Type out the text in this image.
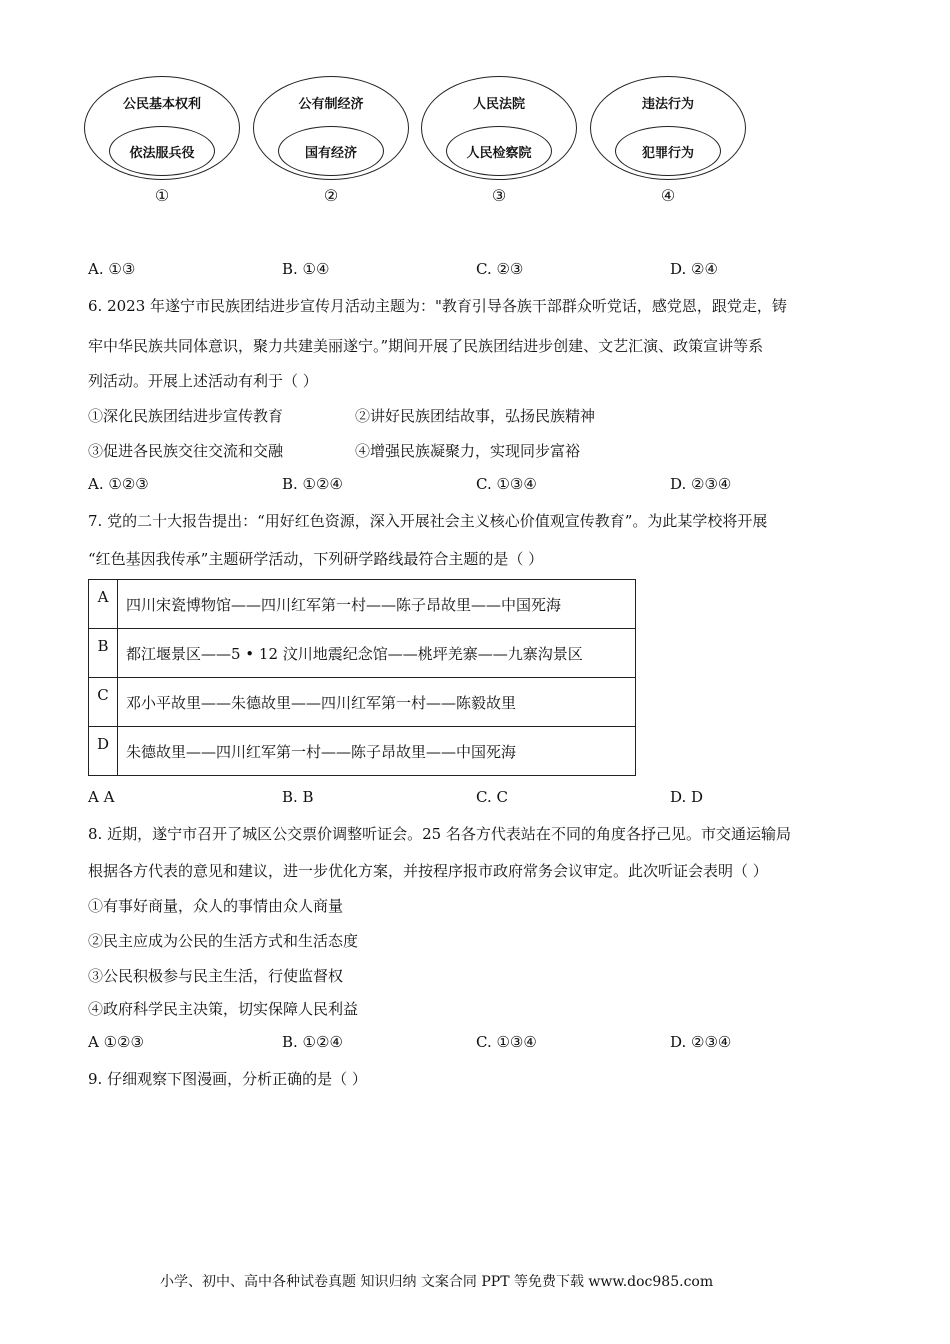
公民基本权利
依法服兵役
①
公有制经济
国有经济
②
人民法院
人民检察院
③
违法行为
犯罪行为
④
A. ①③	B. ①④	C. ②③	D. ②④
6. 2023 年遂宁市民族团结进步宣传月活动主题为："教育引导各族干部群众听党话，感党恩，跟党走，铸
牢中华民族共同体意识，聚力共建美丽遂宁。”期间开展了民族团结进步创建、文艺汇演、政策宣讲等系
列活动。开展上述活动有利于（ ）
①深化民族团结进步宣传教育	②讲好民族团结故事，弘扬民族精神
③促进各民族交往交流和交融	④增强民族凝聚力，实现同步富裕
A. ①②③	B. ①②④	C. ①③④	D. ②③④
7. 党的二十大报告提出：“用好红色资源，深入开展社会主义核心价值观宣传教育”。为此某学校将开展
“红色基因我传承”主题研学活动，下列研学路线最符合主题的是（ ）
A	四川宋瓷博物馆——四川红军第一村——陈子昂故里——中国死海
B	都江堰景区——5 • 12 汶川地震纪念馆——桃坪羌寨——九寨沟景区
C	邓小平故里——朱德故里——四川红军第一村——陈毅故里
D	朱德故里——四川红军第一村——陈子昂故里——中国死海
A A	B. B	C. C	D. D
8. 近期，遂宁市召开了城区公交票价调整听证会。25 名各方代表站在不同的角度各抒己见。市交通运输局
根据各方代表的意见和建议，进一步优化方案，并按程序报市政府常务会议审定。此次听证会表明（ ）
①有事好商量，众人的事情由众人商量
②民主应成为公民的生活方式和生活态度
③公民积极参与民主生活，行使监督权
④政府科学民主决策，切实保障人民利益
A ①②③	B. ①②④	C. ①③④	D. ②③④
9. 仔细观察下图漫画，分析正确的是（ ）
小学、初中、高中各种试卷真题 知识归纳 文案合同 PPT 等免费下载 www.doc985.com
